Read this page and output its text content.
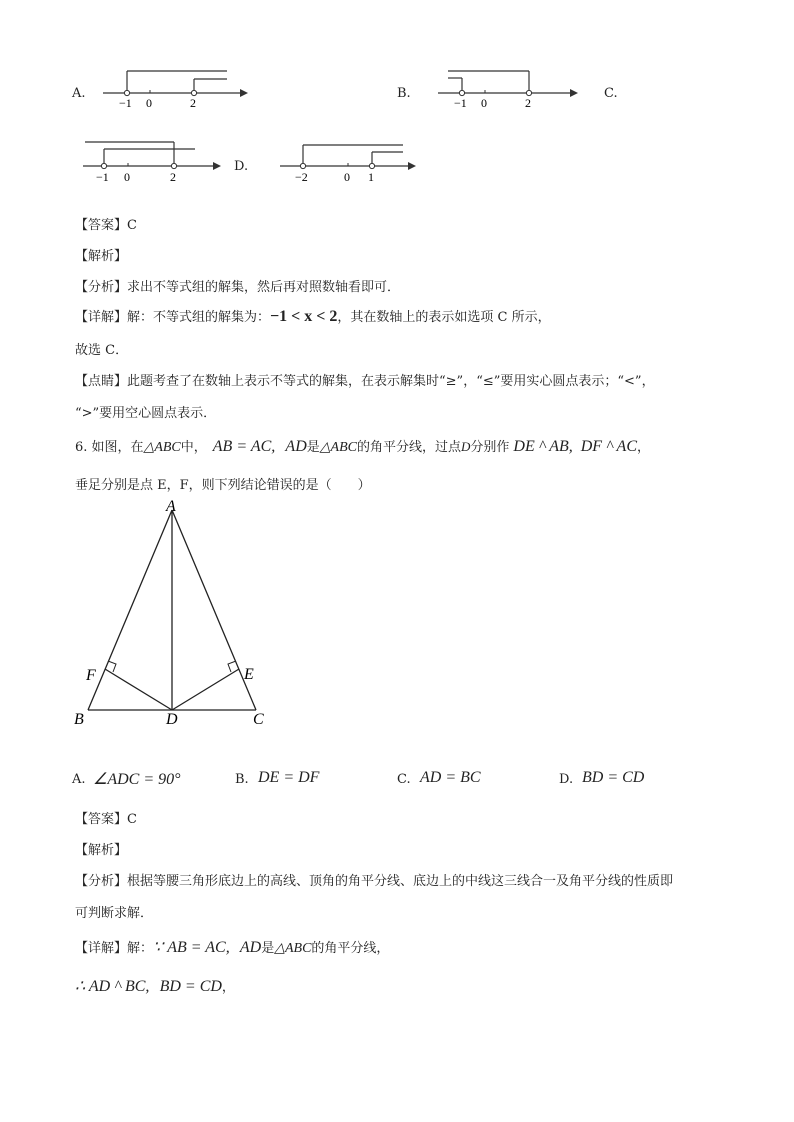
A.
−1 0	2
B.
−1 0	2
C.
−1 0	2
D.
−2	0 1
【答案】C
【解析】
【分析】求出不等式组的解集，然后再对照数轴看即可．
【详解】解：不等式组的解集为：−1 < x < 2，其在数轴上的表示如选项 C 所示，
故选 C．
【点睛】此题考查了在数轴上表示不等式的解集，在表示解集时“≥”，“≤”要用实心圆点表示；“<”，
“>”要用空心圆点表示．
6. 如图，在△ABC中， AB = AC, AD是△ABC的角平分线，过点D分别作 DE ^ AB, DF ^ AC，
垂足分别是点 E，F，则下列结论错误的是（　　）
A
B	C
D
E
F
A. ∠ADC = 90°	B. DE = DF	C. AD = BC	D. BD = CD
【答案】C
【解析】
【分析】根据等腰三角形底边上的高线、顶角的角平分线、底边上的中线这三线合一及角平分线的性质即
可判断求解．
【详解】解：∵ AB = AC, AD是△ABC的角平分线，
∴ AD ^ BC, BD = CD，
